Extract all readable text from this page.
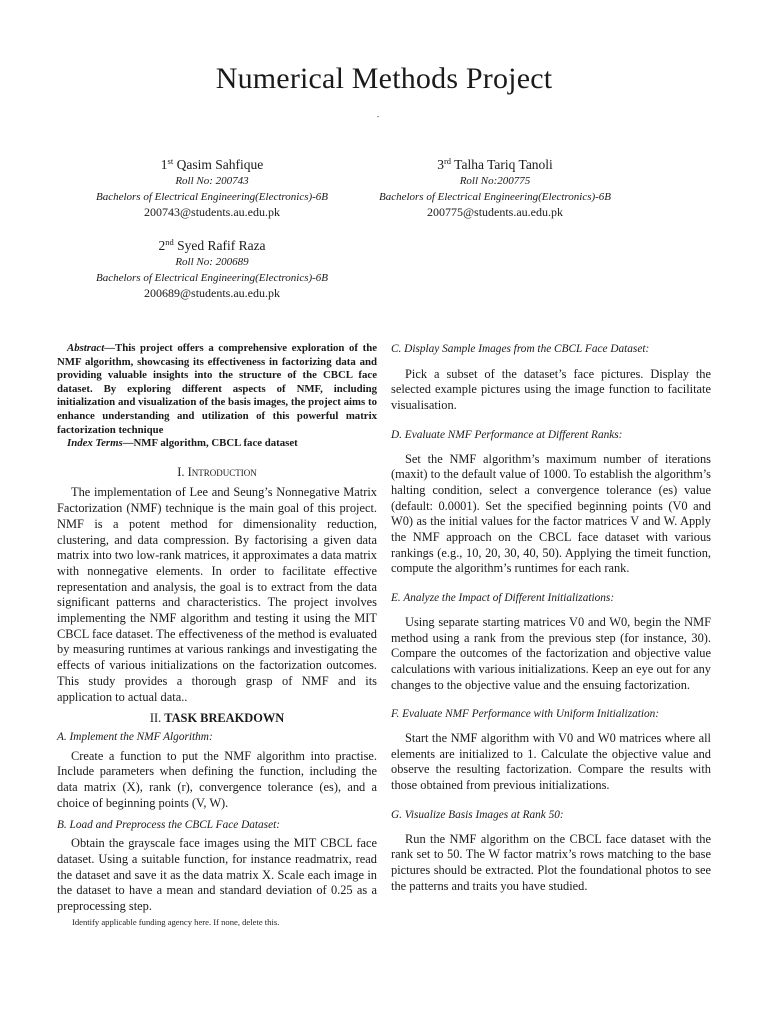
Numerical Methods Project
-
1st Qasim Sahfique
Roll No: 200743
Bachelors of Electrical Engineering(Electronics)-6B
200743@students.au.edu.pk
3rd Talha Tariq Tanoli
Roll No:200775
Bachelors of Electrical Engineering(Electronics)-6B
200775@students.au.edu.pk
2nd Syed Rafif Raza
Roll No: 200689
Bachelors of Electrical Engineering(Electronics)-6B
200689@students.au.edu.pk

Abstract—This project offers a comprehensive exploration of the NMF algorithm, showcasing its effectiveness in factorizing data and providing valuable insights into the structure of the CBCL face dataset. By exploring different aspects of NMF, including initialization and visualization of the basis images, the project aims to enhance understanding and utilization of this powerful matrix factorization technique

Index Terms—NMF algorithm, CBCL face dataset

I. Introduction

The implementation of Lee and Seung’s Nonnegative Matrix Factorization (NMF) technique is the main goal of this project. NMF is a potent method for dimensionality reduction, clustering, and data compression. By factorising a given data matrix into two low-rank matrices, it approximates a data matrix with nonnegative elements. In order to facilitate effective representation and analysis, the goal is to extract from the data significant patterns and characteristics. The project involves implementing the NMF algorithm and testing it using the MIT CBCL face dataset. The effectiveness of the method is evaluated by measuring runtimes at various rankings and investigating the effects of various initializations on the factorization outcomes. This study provides a thorough grasp of NMF and its application to actual data..

II. TASK BREAKDOWN

A. Implement the NMF Algorithm:

Create a function to put the NMF algorithm into practise. Include parameters when defining the function, including the data matrix (X), rank (r), convergence tolerance (es), and a choice of beginning points (V, W).

B. Load and Preprocess the CBCL Face Dataset:

Obtain the grayscale face images using the MIT CBCL face dataset. Using a suitable function, for instance readmatrix, read the dataset and save it as the data matrix X. Scale each image in the dataset to have a mean and standard deviation of 0.25 as a preprocessing step.

C. Display Sample Images from the CBCL Face Dataset:

Pick a subset of the dataset’s face pictures. Display the selected example pictures using the image function to facilitate visualisation.

D. Evaluate NMF Performance at Different Ranks:

Set the NMF algorithm’s maximum number of iterations (maxit) to the default value of 1000. To establish the algorithm’s halting condition, select a convergence tolerance (es) value (default: 0.0001). Set the specified beginning points (V0 and W0) as the initial values for the factor matrices V and W. Apply the NMF approach on the CBCL face dataset with various rankings (e.g., 10, 20, 30, 40, 50). Applying the timeit function, compute the algorithm’s runtimes for each rank.

E. Analyze the Impact of Different Initializations:

Using separate starting matrices V0 and W0, begin the NMF method using a rank from the previous step (for instance, 30). Compare the outcomes of the factorization and objective value calculations with various initializations. Keep an eye out for any changes to the objective value and the ensuing factorization.

F. Evaluate NMF Performance with Uniform Initialization:

Start the NMF algorithm with V0 and W0 matrices where all elements are initialized to 1. Calculate the objective value and observe the resulting factorization. Compare the results with those obtained from previous initializations.

G. Visualize Basis Images at Rank 50:

Run the NMF algorithm on the CBCL face dataset with the rank set to 50. The W factor matrix’s rows matching to the base pictures should be extracted. Plot the foundational photos to see the patterns and traits you have studied.

Identify applicable funding agency here. If none, delete this.
